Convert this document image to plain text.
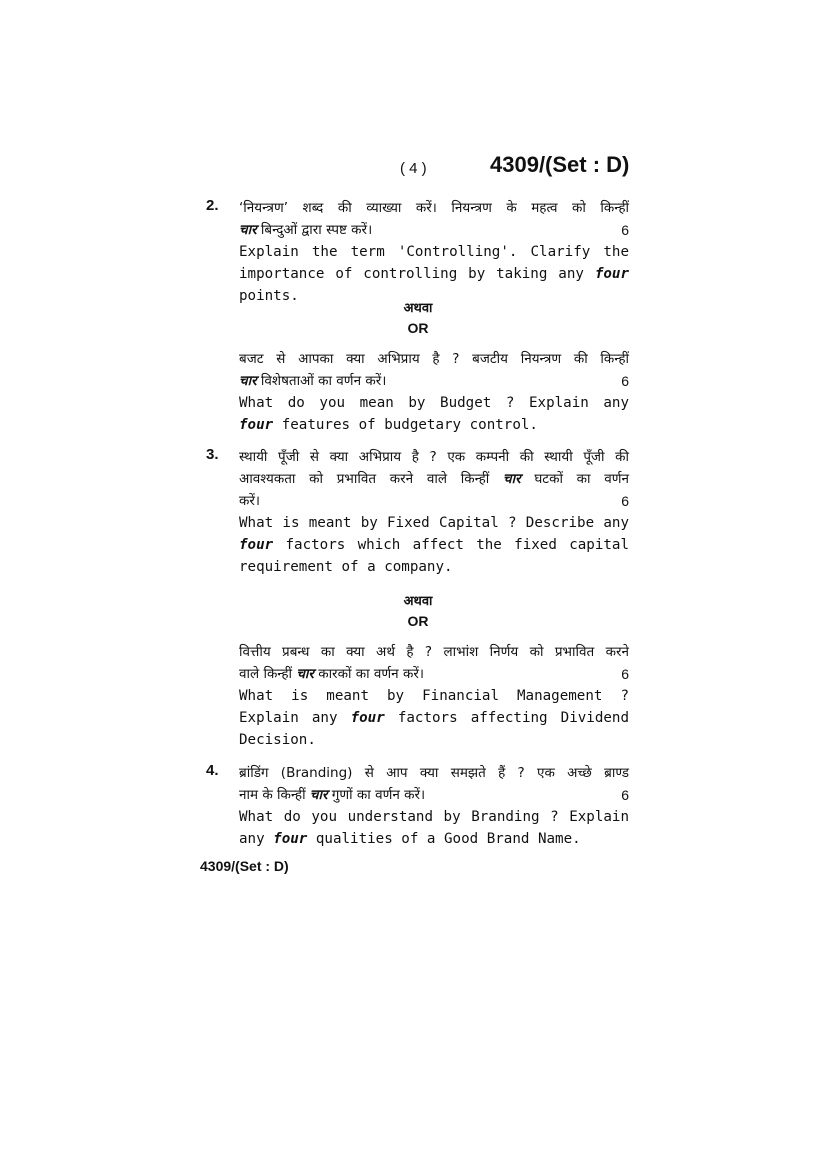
( 4 )	4309/(Set : D)
2. ‘नियन्त्रण’ शब्द की व्याख्या करें। नियन्त्रण के महत्व को किन्हीं
चार बिन्दुओं द्वारा स्पष्ट करें।	6
Explain the term 'Controlling'. Clarify the
importance of controlling by taking any four points.
अथवा
OR
बजट से आपका क्या अभिप्राय है ? बजटीय नियन्त्रण की किन्हीं
चार विशेषताओं का वर्णन करें।	6
What do you mean by Budget ? Explain any
four features of budgetary control.
3. स्थायी पूँजी से क्या अभिप्राय है ? एक कम्पनी की स्थायी पूँजी की
आवश्यकता को प्रभावित करने वाले किन्हीं चार घटकों का वर्णन
करें।	6
What is meant by Fixed Capital ? Describe any
four factors which affect the fixed capital
requirement of a company.
अथवा
OR
वित्तीय प्रबन्ध का क्या अर्थ है ? लाभांश निर्णय को प्रभावित करने
वाले किन्हीं चार कारकों का वर्णन करें।	6
What is meant by Financial Management ?
Explain any four factors affecting Dividend
Decision.
4. ब्रांडिंग (Branding) से आप क्या समझते हैं ? एक अच्छे ब्राण्ड
नाम के किन्हीं चार गुणों का वर्णन करें।	6
What do you understand by Branding ? Explain
any four qualities of a Good Brand Name.
4309/(Set : D)
